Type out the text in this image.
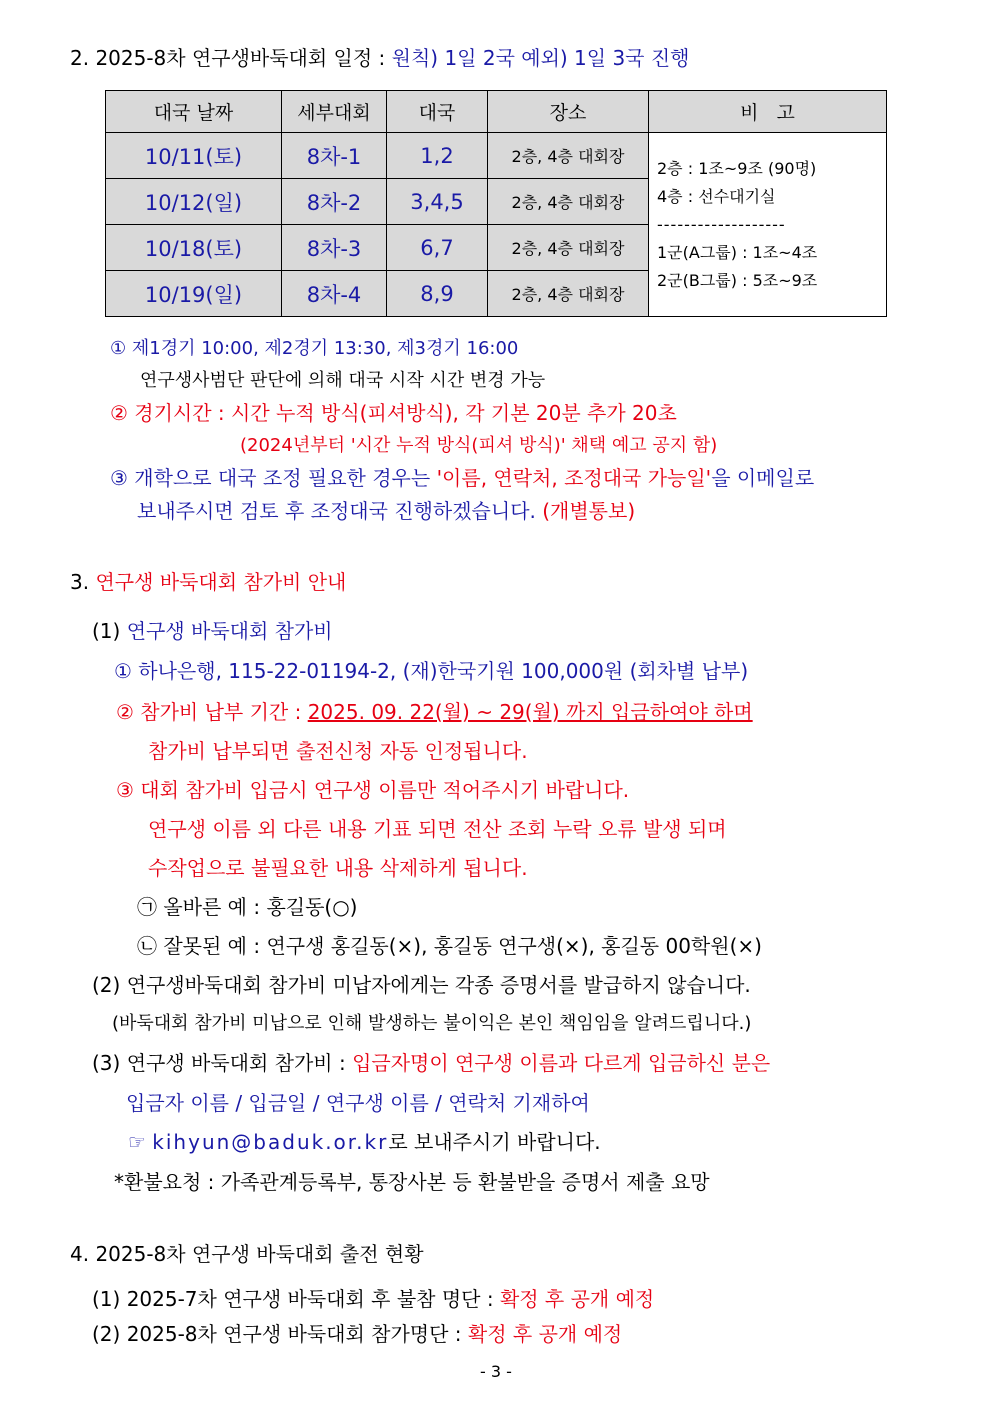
2. 2025-8차 연구생바둑대회 일정 : 원칙) 1일 2국 예외) 1일 3국 진행
대국 날짜	세부대회	대국	장소	비   고
10/11(토)	8차-1	1,2	2층, 4층 대회장	2층 : 1조~9조 (90명)
4층 : 선수대기실
-------------------
1군(A그룹) : 1조~4조
2군(B그룹) : 5조~9조

10/12(일)	8차-2	3,4,5	2층, 4층 대회장	
10/18(토)	8차-3	6,7	2층, 4층 대회장	
10/19(일)	8차-4	8,9	2층, 4층 대회장	
① 제1경기 10:00, 제2경기 13:30, 제3경기 16:00
연구생사범단 판단에 의해 대국 시작 시간 변경 가능
② 경기시간 : 시간 누적 방식(피셔방식), 각 기본 20분 추가 20초
(2024년부터 '시간 누적 방식(피셔 방식)' 채택 예고 공지 함)
③ 개학으로 대국 조정 필요한 경우는 '이름, 연락처, 조정대국 가능일'을 이메일로
보내주시면 검토 후 조정대국 진행하겠습니다. (개별통보)
3. 연구생 바둑대회 참가비 안내
(1) 연구생 바둑대회 참가비
① 하나은행, 115-22-01194-2, (재)한국기원 100,000원 (회차별 납부)
② 참가비 납부 기간 : 2025. 09. 22(월) ~ 29(월) 까지 입금하여야 하며
참가비 납부되면 출전신청 자동 인정됩니다.
③ 대회 참가비 입금시 연구생 이름만 적어주시기 바랍니다.
연구생 이름 외 다른 내용 기표 되면 전산 조회 누락 오류 발생 되며
수작업으로 불필요한 내용 삭제하게 됩니다.
㉠ 올바른 예 : 홍길동(○)
㉡ 잘못된 예 : 연구생 홍길동(×), 홍길동 연구생(×), 홍길동 00학원(×)
(2) 연구생바둑대회 참가비 미납자에게는 각종 증명서를 발급하지 않습니다.
(바둑대회 참가비 미납으로 인해 발생하는 불이익은 본인 책임임을 알려드립니다.)
(3) 연구생 바둑대회 참가비 : 입금자명이 연구생 이름과 다르게 입금하신 분은
입금자 이름 / 입금일 / 연구생 이름 / 연락처 기재하여
☞ kihyun@baduk.or.kr로 보내주시기 바랍니다.
*환불요청 : 가족관계등록부, 통장사본 등 환불받을 증명서 제출 요망
4. 2025-8차 연구생 바둑대회 출전 현황
(1) 2025-7차 연구생 바둑대회 후 불참 명단 : 확정 후 공개 예정
(2) 2025-8차 연구생 바둑대회 참가명단 : 확정 후 공개 예정
- 3 -
